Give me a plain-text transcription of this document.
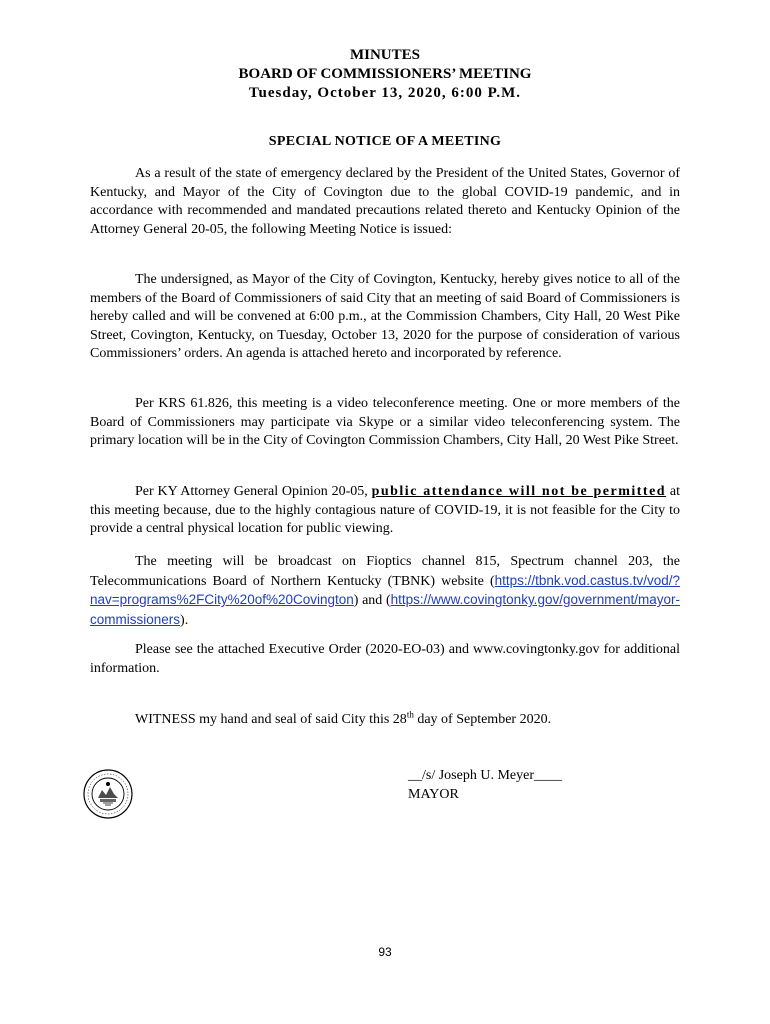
MINUTES
BOARD OF COMMISSIONERS’ MEETING
Tuesday, October 13, 2020, 6:00 P.M.
SPECIAL NOTICE OF A MEETING
As a result of the state of emergency declared by the President of the United States, Governor of Kentucky, and Mayor of the City of Covington due to the global COVID-19 pandemic, and in accordance with recommended and mandated precautions related thereto and Kentucky Opinion of the Attorney General 20-05, the following Meeting Notice is issued:
The undersigned, as Mayor of the City of Covington, Kentucky, hereby gives notice to all of the members of the Board of Commissioners of said City that an meeting of said Board of Commissioners is hereby called and will be convened at 6:00 p.m., at the Commission Chambers, City Hall, 20 West Pike Street, Covington, Kentucky, on Tuesday, October 13, 2020 for the purpose of consideration of various Commissioners’ orders. An agenda is attached hereto and incorporated by reference.
Per KRS 61.826, this meeting is a video teleconference meeting. One or more members of the Board of Commissioners may participate via Skype or a similar video teleconferencing system. The primary location will be in the City of Covington Commission Chambers, City Hall, 20 West Pike Street.
Per KY Attorney General Opinion 20-05, public attendance will not be permitted at this meeting because, due to the highly contagious nature of COVID-19, it is not feasible for the City to provide a central physical location for public viewing.
The meeting will be broadcast on Fioptics channel 815, Spectrum channel 203, the Telecommunications Board of Northern Kentucky (TBNK) website (https://tbnk.vod.castus.tv/vod/?nav=programs%2FCity%20of%20Covington) and (https://www.covingtonky.gov/government/mayor-commissioners).
Please see the attached Executive Order (2020-EO-03) and www.covingtonky.gov for additional information.
WITNESS my hand and seal of said City this 28th day of September 2020.
__/s/ Joseph U. Meyer____
MAYOR
93
